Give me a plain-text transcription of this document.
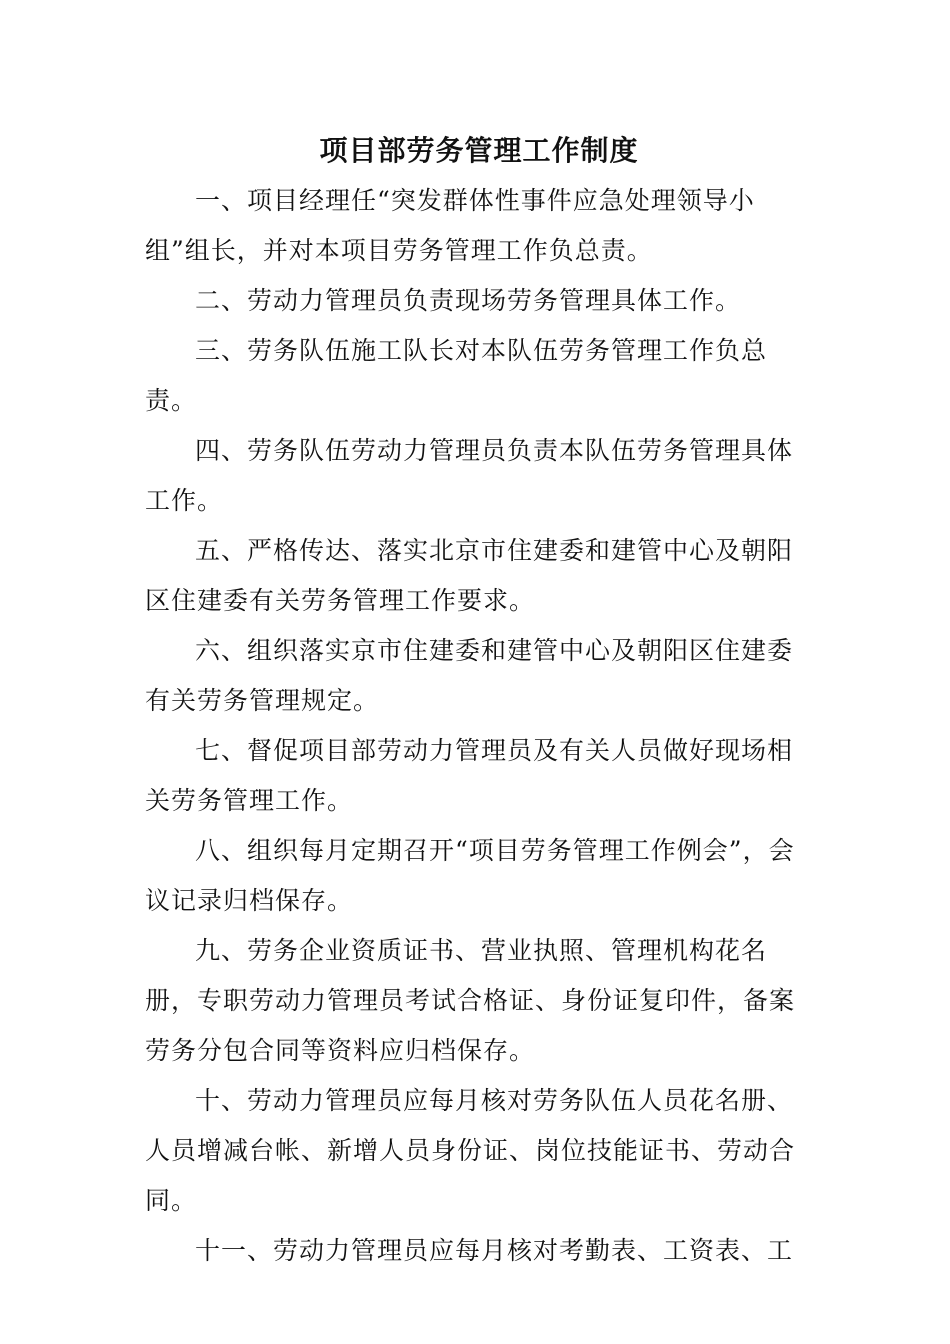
项目部劳务管理工作制度

一、项目经理任“突发群体性事件应急处理领导小组”组长，并对本项目劳务管理工作负总责。

二、劳动力管理员负责现场劳务管理具体工作。

三、劳务队伍施工队长对本队伍劳务管理工作负总责。

四、劳务队伍劳动力管理员负责本队伍劳务管理具体工作。

五、严格传达、落实北京市住建委和建管中心及朝阳区住建委有关劳务管理工作要求。

六、组织落实京市住建委和建管中心及朝阳区住建委有关劳务管理规定。

七、督促项目部劳动力管理员及有关人员做好现场相关劳务管理工作。

八、组织每月定期召开“项目劳务管理工作例会”，会议记录归档保存。

九、劳务企业资质证书、营业执照、管理机构花名册，专职劳动力管理员考试合格证、身份证复印件，备案劳务分包合同等资料应归档保存。

十、劳动力管理员应每月核对劳务队伍人员花名册、人员增减台帐、新增人员身份证、岗位技能证书、劳动合同。

十一、劳动力管理员应每月核对考勤表、工资表、工
